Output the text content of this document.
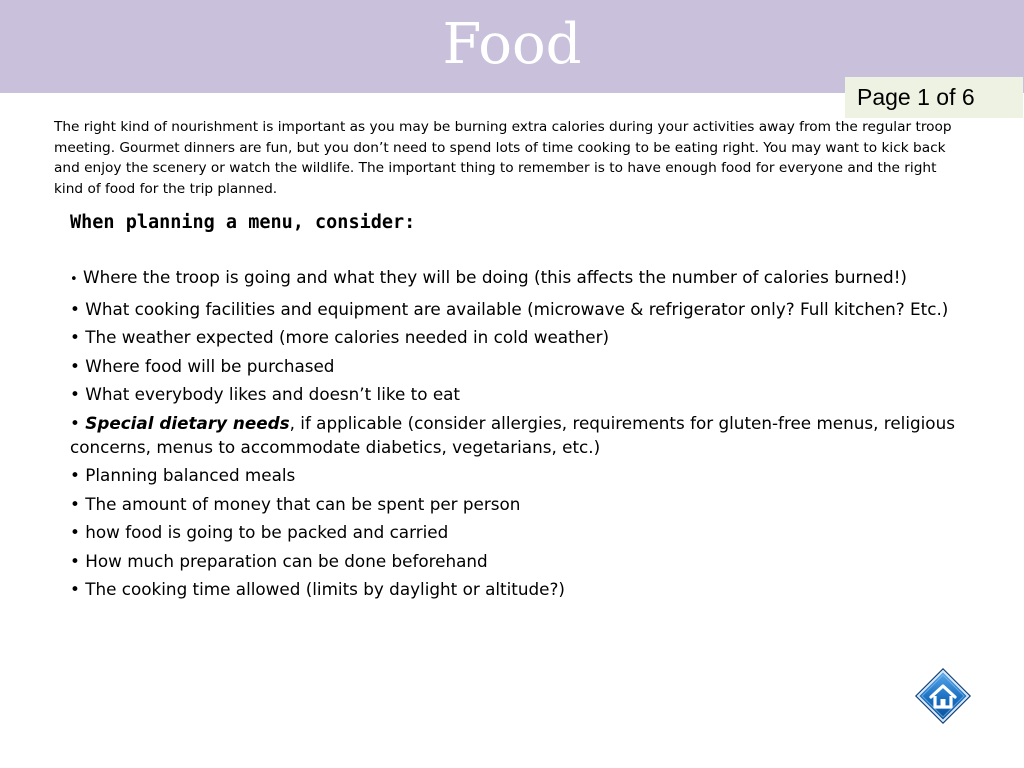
Food
Page 1 of 6

The right kind of nourishment is important as you may be burning extra calories during your activities away from the regular troop meeting. Gourmet dinners are fun, but you don’t need to spend lots of time cooking to be eating right. You may want to kick back and enjoy the scenery or watch the wildlife. The important thing to remember is to have enough food for everyone and the right kind of food for the trip planned.

When planning a menu, consider:
• Where the troop is going and what they will be doing (this affects the number of calories burned!)
• What cooking facilities and equipment are available (microwave & refrigerator only? Full kitchen? Etc.)
• The weather expected (more calories needed in cold weather)
• Where food will be purchased
• What everybody likes and doesn’t like to eat
• Special dietary needs, if applicable (consider allergies, requirements for gluten-free menus, religious concerns, menus to accommodate diabetics, vegetarians, etc.)
• Planning balanced meals
• The amount of money that can be spent per person
• how food is going to be packed and carried
• How much preparation can be done beforehand
• The cooking time allowed (limits by daylight or altitude?)
